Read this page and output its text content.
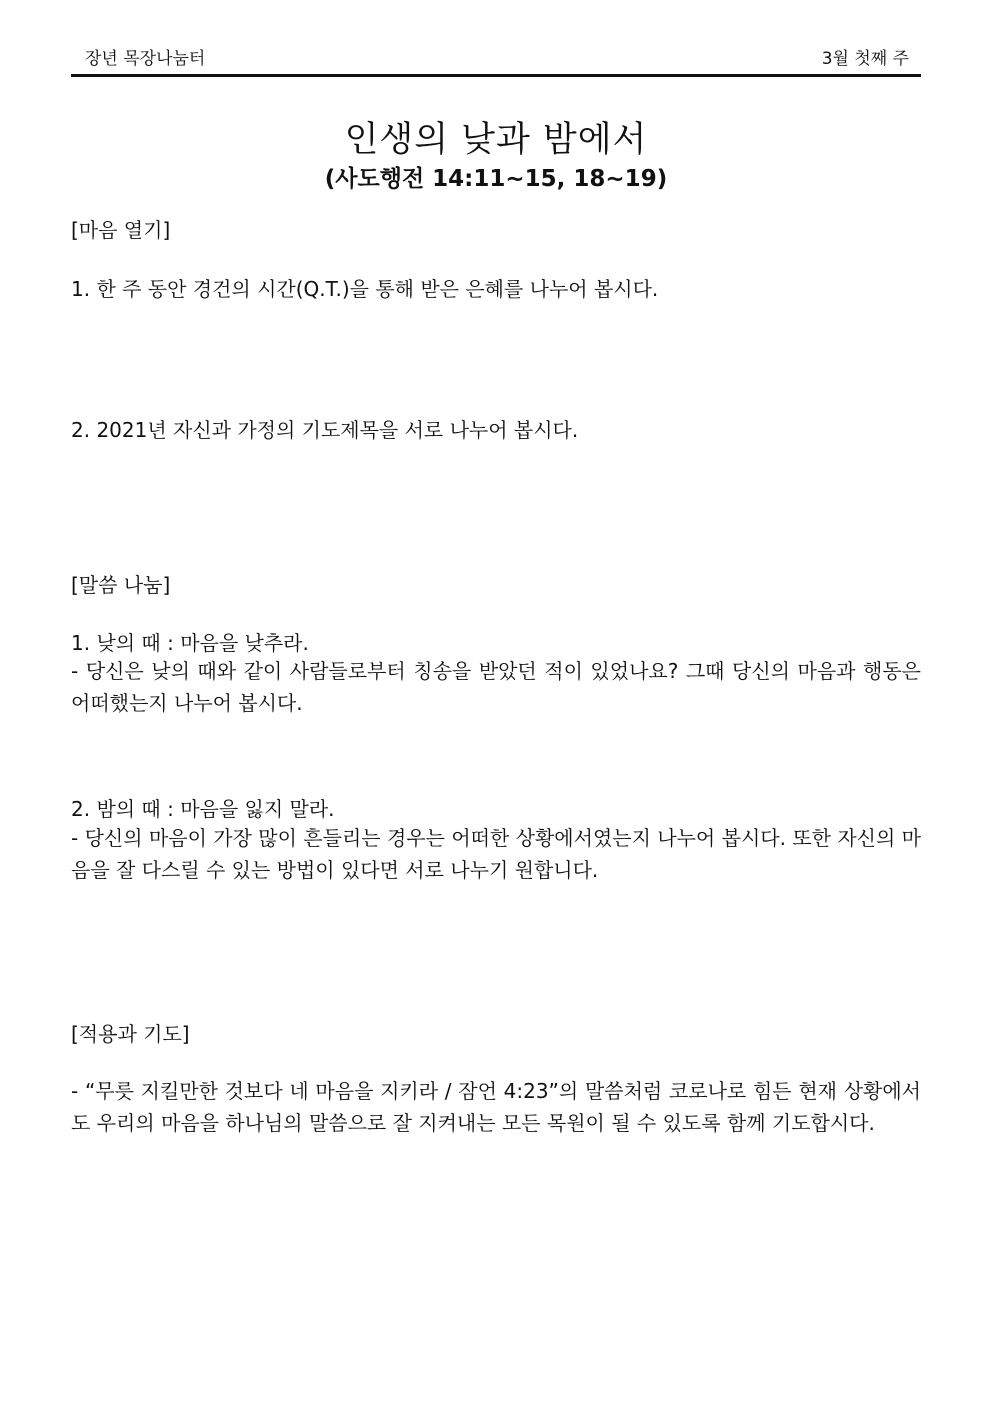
장년 목장나눔터	3월 첫째 주
인생의 낮과 밤에서
(사도행전 14:11~15, 18~19)
[마음 열기]
1. 한 주 동안 경건의 시간(Q.T.)을 통해 받은 은혜를 나누어 봅시다.
2. 2021년 자신과 가정의 기도제목을 서로 나누어 봅시다.
[말씀 나눔]
1. 낮의 때 : 마음을 낮추라.
- 당신은 낮의 때와 같이 사람들로부터 칭송을 받았던 적이 있었나요? 그때 당신의 마음과 행동은 어떠했는지 나누어 봅시다.
2. 밤의 때 : 마음을 잃지 말라.
- 당신의 마음이 가장 많이 흔들리는 경우는 어떠한 상황에서였는지 나누어 봅시다. 또한 자신의 마음을 잘 다스릴 수 있는 방법이 있다면 서로 나누기 원합니다.
[적용과 기도]
- “무릇 지킬만한 것보다 네 마음을 지키라 / 잠언 4:23”의 말씀처럼 코로나로 힘든 현재 상황에서도 우리의 마음을 하나님의 말씀으로 잘 지켜내는 모든 목원이 될 수 있도록 함께 기도합시다.
